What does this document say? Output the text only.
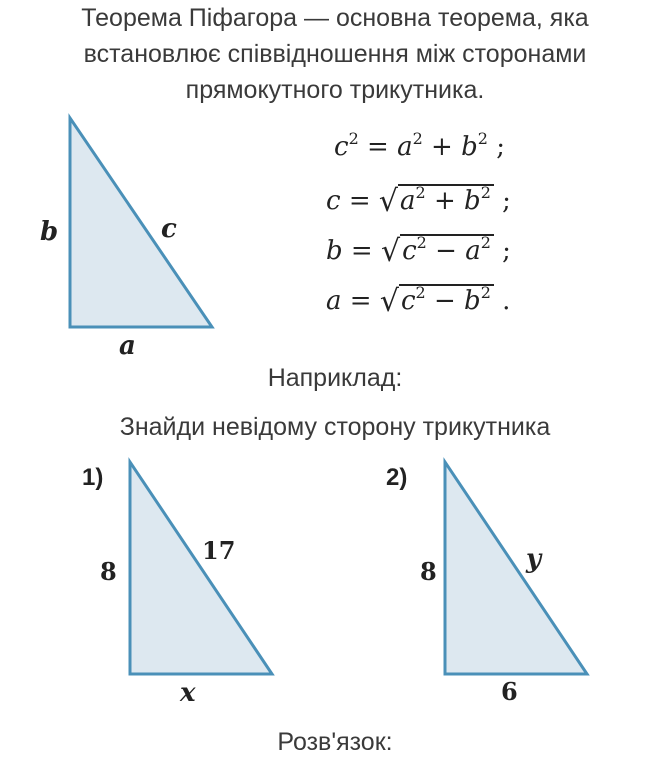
Теорема Піфагора — основна теорема, яка
встановлює співвідношення між сторонами
прямокутного трикутника.
b	c
a
$c^2 = a^2 + b^2$ ;
$c = √a^2 + b^2$ ;
$b = √c^2 - a^2$ ;
$a = √c^2 - b^2$ .
Наприклад:
Знайди невідому сторону трикутника
1)
8
17
x
2)
8	y
6
Розв'язок:
